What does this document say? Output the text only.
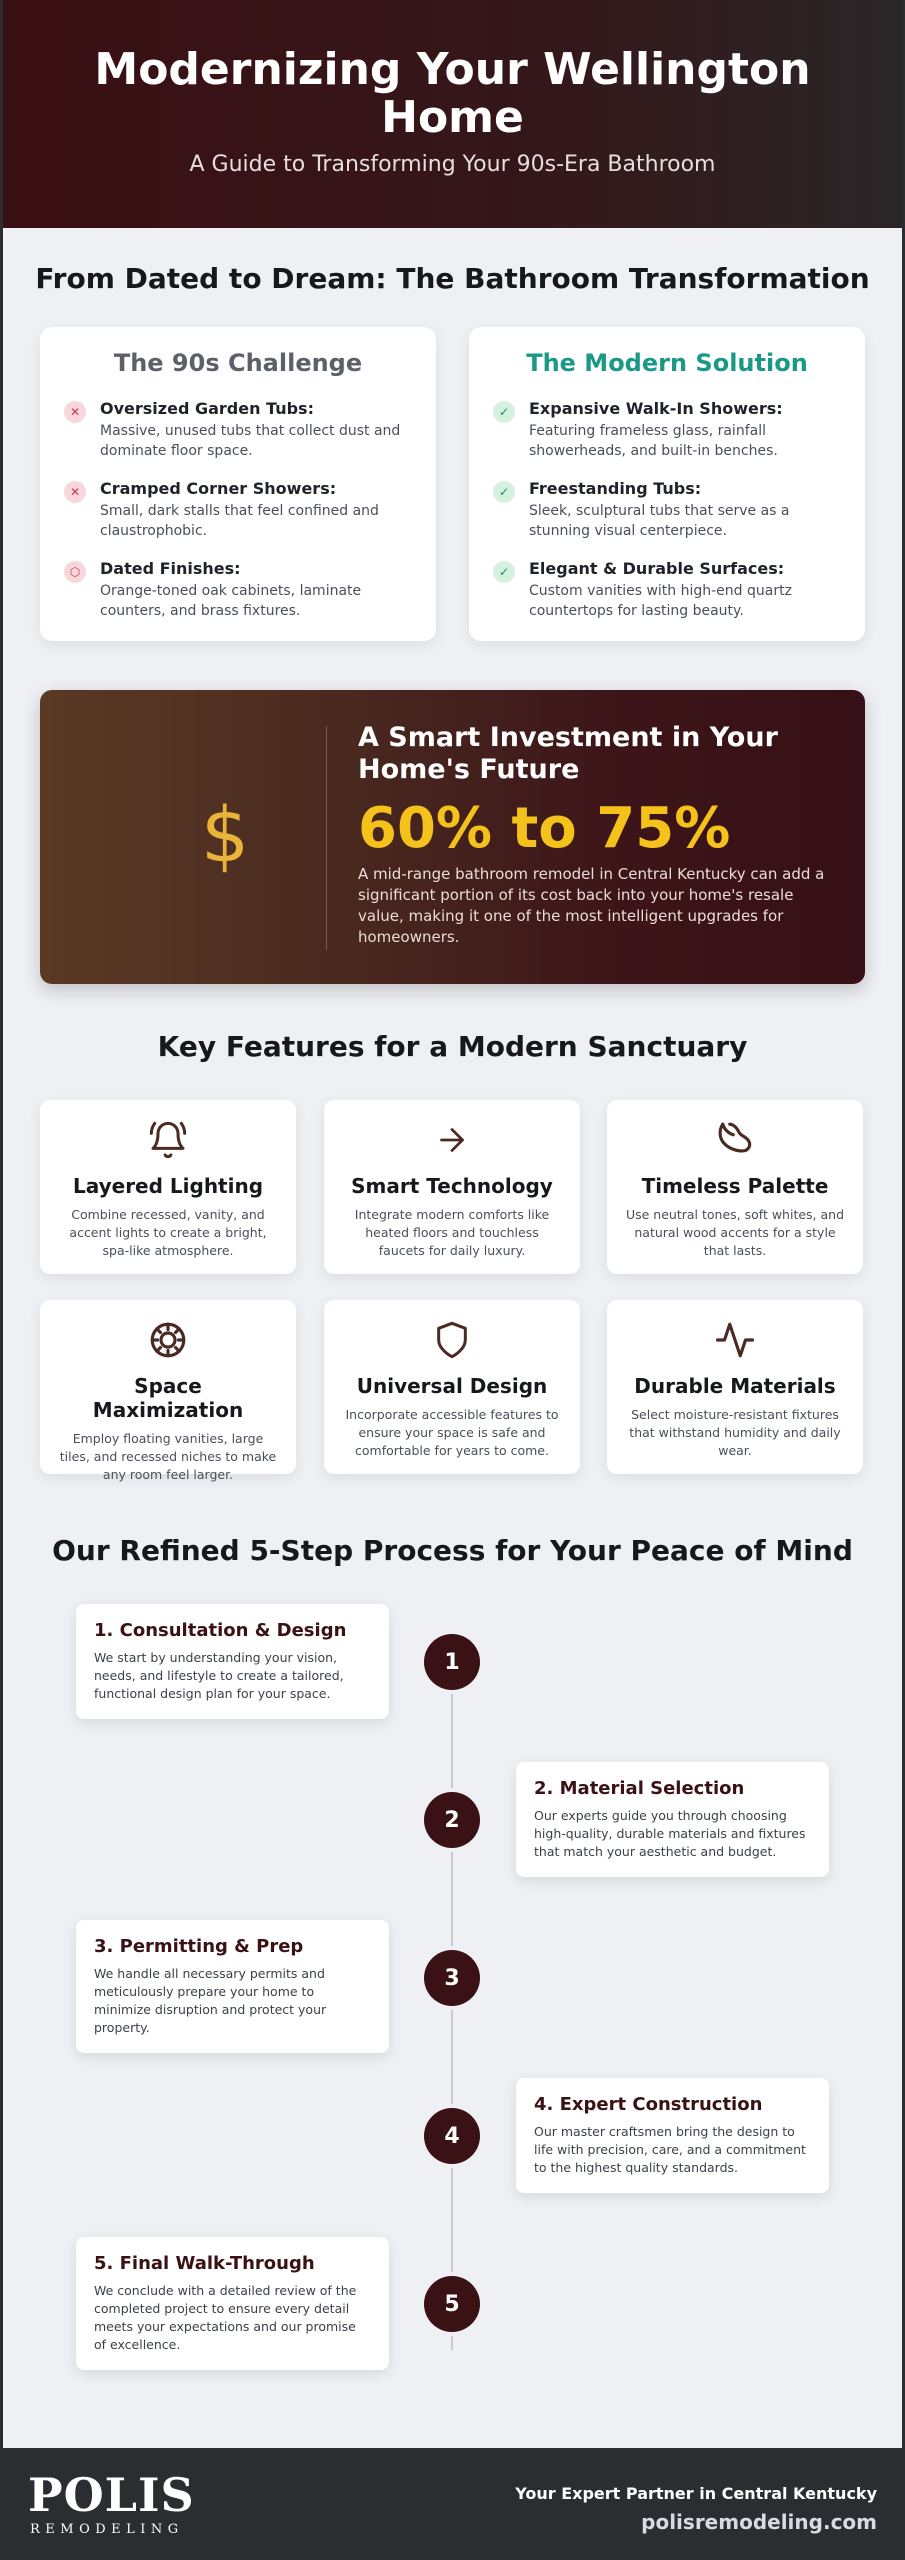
Modernizing Your Wellington Home

A Guide to Transforming Your 90s-Era Bathroom

From Dated to Dream: The Bathroom Transformation
The 90s Challenge
✕	Oversized Garden Tubs:

Massive, unused tubs that collect dust and dominate floor space.

✕	Cramped Corner Showers:

Small, dark stalls that feel confined and claustrophobic.

⬡	Dated Finishes:

Orange-toned oak cabinets, laminate counters, and brass fixtures.

The Modern Solution
✓	Expansive Walk-In Showers:

Featuring frameless glass, rainfall showerheads, and built-in benches.

✓	Freestanding Tubs:

Sleek, sculptural tubs that serve as a stunning visual centerpiece.

✓	Elegant & Durable Surfaces:

Custom vanities with high-end quartz countertops for lasting beauty.

$
A Smart Investment in Your Home's Future
60% to 75%

A mid-range bathroom remodel in Central Kentucky can add a significant portion of its cost back into your home's resale value, making it one of the most intelligent upgrades for homeowners.

Key Features for a Modern Sanctuary
Layered Lighting

Combine recessed, vanity, and accent lights to create a bright, spa-like atmosphere.

Smart Technology

Integrate modern comforts like heated floors and touchless faucets for daily luxury.

Timeless Palette

Use neutral tones, soft whites, and natural wood accents for a style that lasts.

Space Maximization

Employ floating vanities, large tiles, and recessed niches to make any room feel larger.

Universal Design

Incorporate accessible features to ensure your space is safe and comfortable for years to come.

Durable Materials

Select moisture-resistant fixtures that withstand humidity and daily wear.

Our Refined 5-Step Process for Your Peace of Mind
1. Consultation & Design

We start by understanding your vision, needs, and lifestyle to create a tailored, functional design plan for your space.

1
2. Material Selection

Our experts guide you through choosing high-quality, durable materials and fixtures that match your aesthetic and budget.

2
3. Permitting & Prep

We handle all necessary permits and meticulously prepare your home to minimize disruption and protect your property.

3
4. Expert Construction

Our master craftsmen bring the design to life with precision, care, and a commitment to the highest quality standards.

4
5. Final Walk-Through

We conclude with a detailed review of the completed project to ensure every detail meets your expectations and our promise of excellence.

5
POLIS
REMODELING
Your Expert Partner in Central Kentucky
polisremodeling.com
